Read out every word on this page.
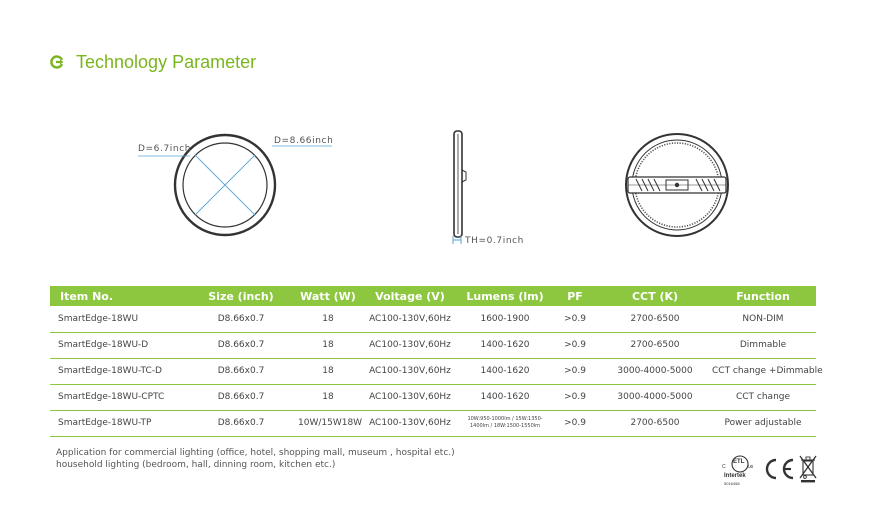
Technology Parameter
D=6.7inch
D=8.66inch
TH=0.7inch
Item No.	Size (inch)	Watt (W)	Voltage (V)	Lumens (lm)	PF	CCT (K)	Function
SmartEdge-18WU	D8.66x0.7	18	AC100-130V,60Hz	1600-1900	>0.9	2700-6500	NON-DIM
SmartEdge-18WU-D	D8.66x0.7	18	AC100-130V,60Hz	1400-1620	>0.9	2700-6500	Dimmable
SmartEdge-18WU-TC-D	D8.66x0.7	18	AC100-130V,60Hz	1400-1620	>0.9	3000-4000-5000	CCT change +Dimmable
SmartEdge-18WU-CPTC	D8.66x0.7	18	AC100-130V,60Hz	1400-1620	>0.9	3000-4000-5000	CCT change
SmartEdge-18WU-TP	D8.66x0.7	10W/15W18W	AC100-130V,60Hz	10W:950-1000lm / 15W:1350-1400lm / 18W:1500-1550lm	>0.9	2700-6500	Power adjustable
Application for commercial lighting (office, hotel, shopping mall, museum , hospital etc.)
household lighting (bedroom, hall, dinning room, kitchen etc.)	ETL
C	us
Intertek
5016458
